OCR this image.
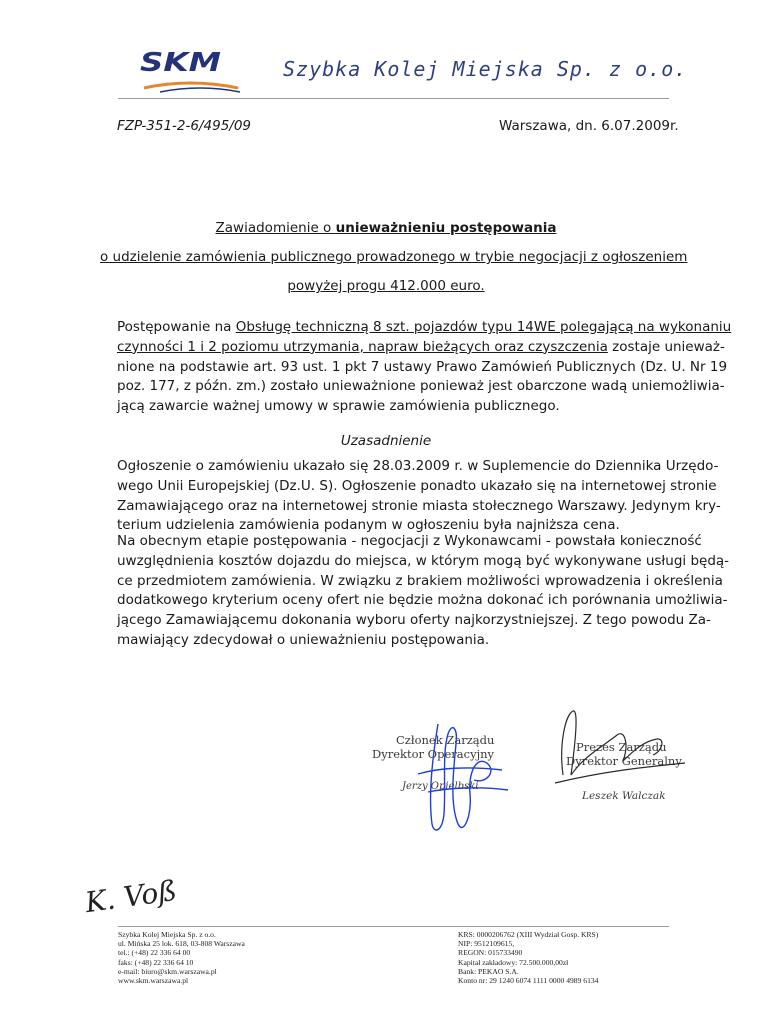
SKM	Szybka Kolej Miejska Sp. z o.o.
FZP-351-2-6/495/09	Warszawa, dn. 6.07.2009r.
Zawiadomienie o unieważnieniu postępowania
o udzielenie zamówienia publicznego prowadzonego w trybie negocjacji z ogłoszeniem
powyżej progu 412.000 euro.
Postępowanie na Obsługę techniczną 8 szt. pojazdów typu 14WE polegającą na wykonaniu
czynności 1 i 2 poziomu utrzymania, napraw bieżących oraz czyszczenia zostaje unieważ-
nione na podstawie art. 93 ust. 1 pkt 7 ustawy Prawo Zamówień Publicznych (Dz. U. Nr 19
poz. 177, z późn. zm.) zostało unieważnione ponieważ jest obarczone wadą uniemożliwia-
jącą zawarcie ważnej umowy w sprawie zamówienia publicznego.
Uzasadnienie
Ogłoszenie o zamówieniu ukazało się 28.03.2009 r. w Suplemencie do Dziennika Urzędo-
wego Unii Europejskiej (Dz.U. S). Ogłoszenie ponadto ukazało się na internetowej stronie
Zamawiającego oraz na internetowej stronie miasta stołecznego Warszawy. Jedynym kry-
terium udzielenia zamówienia podanym w ogłoszeniu była najniższa cena.
Na obecnym etapie postępowania - negocjacji z Wykonawcami - powstała konieczność
uwzględnienia kosztów dojazdu do miejsca, w którym mogą być wykonywane usługi będą-
ce przedmiotem zamówienia. W związku z brakiem możliwości wprowadzenia i określenia
dodatkowego kryterium oceny ofert nie będzie można dokonać ich porównania umożliwia-
jącego Zamawiającemu dokonania wyboru oferty najkorzystniejszej. Z tego powodu Za-
mawiający zdecydował o unieważnieniu postępowania.
Członek Zarządu
Dyrektor Operacyjny
Jerzy Opielbski
Prezes Zarządu
Dyrektor Generalny
Leszek Walczak
K. Voß
Szybka Kolej Miejska Sp. z o.o.
ul. Mińska 25 lok. 618, 03-808 Warszawa
tel.: (+48) 22 336 64 00
faks: (+48) 22 336 64 10
e-mail: biuro@skm.warszawa.pl
www.skm.warszawa.pl
KRS: 0000206762 (XIII Wydział Gosp. KRS)
NIP: 9512109615,
REGON: 015733490
Kapitał zakładowy: 72.500.000,00zł
Bank: PEKAO S.A.
Konto nr: 29 1240 6074 1111 0000 4989 6134
